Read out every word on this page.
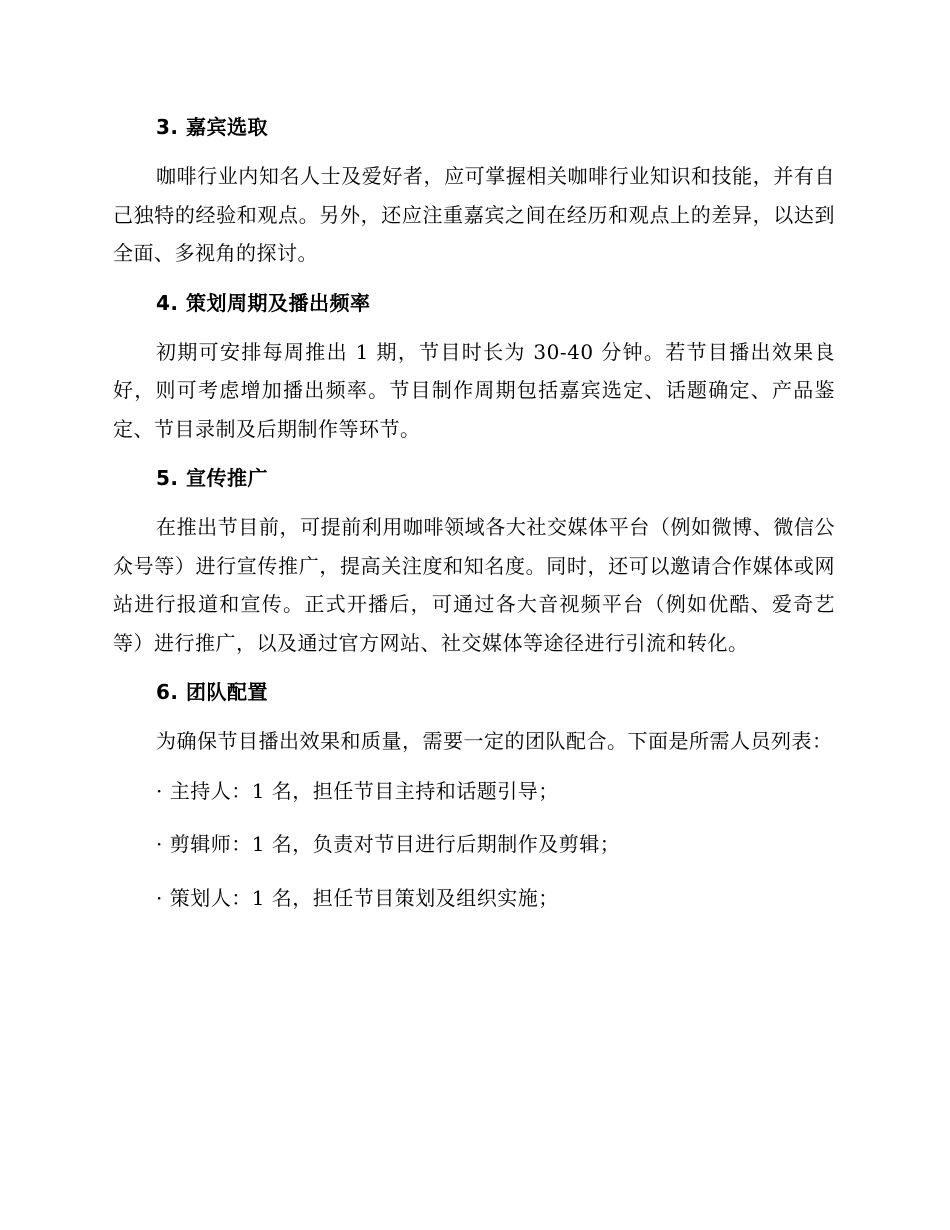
3. 嘉宾选取

咖啡行业内知名人士及爱好者，应可掌握相关咖啡行业知识和技能，并有自己独特的经验和观点。另外，还应注重嘉宾之间在经历和观点上的差异，以达到全面、多视角的探讨。

4. 策划周期及播出频率

初期可安排每周推出 1 期，节目时长为 30-40 分钟。若节目播出效果良好，则可考虑增加播出频率。节目制作周期包括嘉宾选定、话题确定、产品鉴定、节目录制及后期制作等环节。

5. 宣传推广

在推出节目前，可提前利用咖啡领域各大社交媒体平台（例如微博、微信公众号等）进行宣传推广，提高关注度和知名度。同时，还可以邀请合作媒体或网站进行报道和宣传。正式开播后，可通过各大音视频平台（例如优酷、爱奇艺等）进行推广，以及通过官方网站、社交媒体等途径进行引流和转化。

6. 团队配置

为确保节目播出效果和质量，需要一定的团队配合。下面是所需人员列表：

· 主持人：1 名，担任节目主持和话题引导；
· 剪辑师：1 名，负责对节目进行后期制作及剪辑；
· 策划人：1 名，担任节目策划及组织实施；
